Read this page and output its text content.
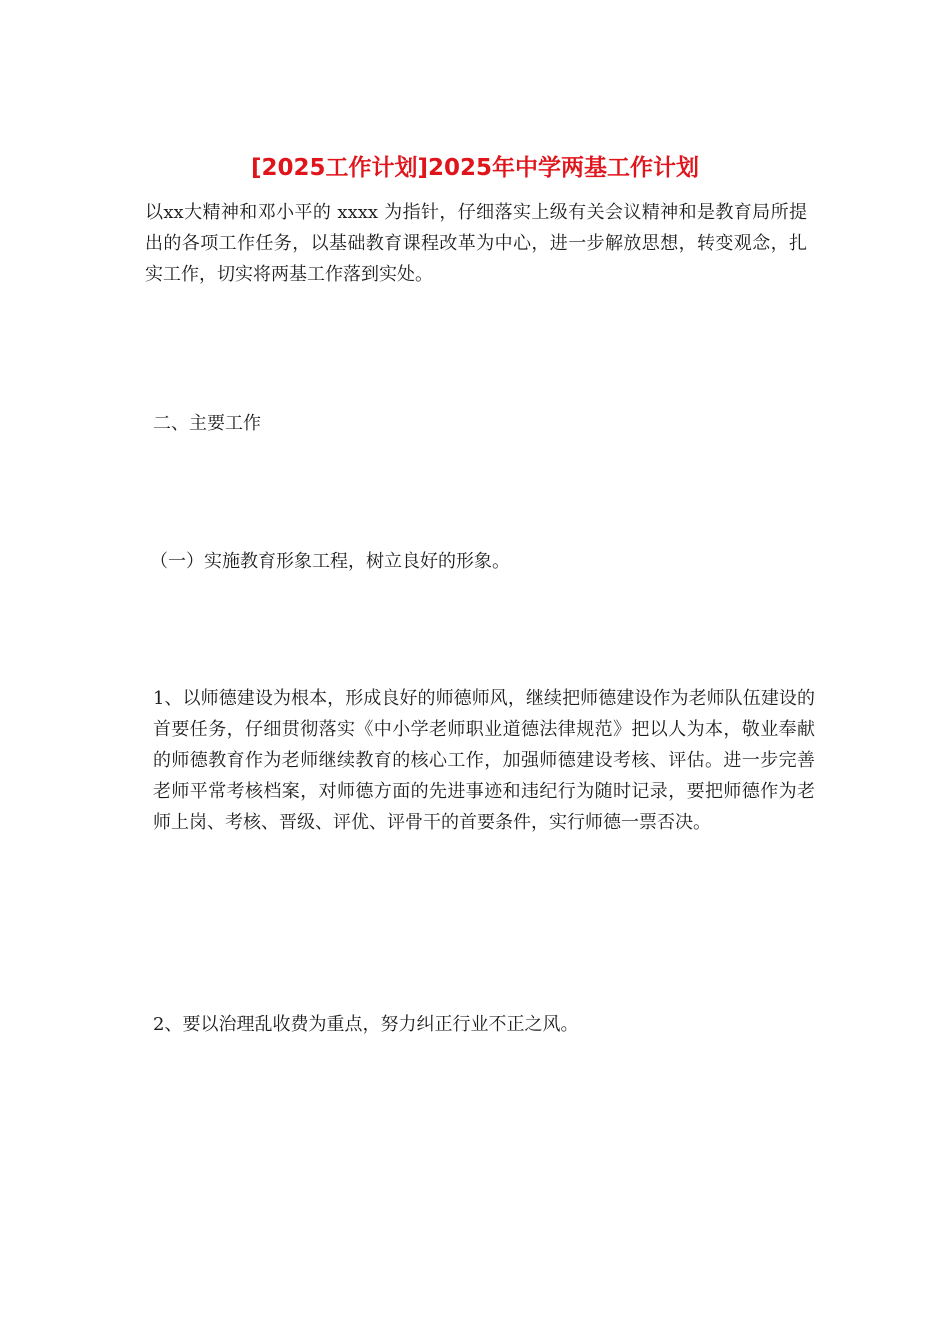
[2025工作计划]2025年中学两基工作计划

以xx大精神和邓小平的 xxxx 为指针，仔细落实上级有关会议精神和是教育局所提出的各项工作任务，以基础教育课程改革为中心，进一步解放思想，转变观念，扎实工作，切实将两基工作落到实处。

二、主要工作

（一）实施教育形象工程，树立良好的形象。

1、以师德建设为根本，形成良好的师德师风，继续把师德建设作为老师队伍建设的首要任务，仔细贯彻落实《中小学老师职业道德法律规范》把以人为本，敬业奉献的师德教育作为老师继续教育的核心工作，加强师德建设考核、评估。进一步完善老师平常考核档案，对师德方面的先进事迹和违纪行为随时记录，要把师德作为老师上岗、考核、晋级、评优、评骨干的首要条件，实行师德一票否决。

2、要以治理乱收费为重点，努力纠正行业不正之风。
